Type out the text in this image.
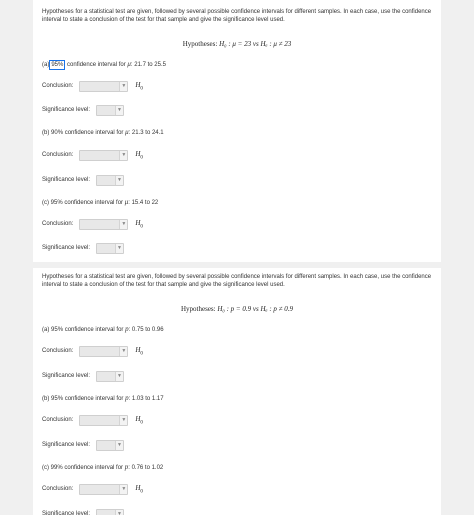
Hypotheses for a statistical test are given, followed by several possible confidence intervals for different samples. In each case, use the confidence interval to state a conclusion of the test for that sample and give the significance level used.
Hypotheses: H₀ : μ = 23 vs Hₐ : μ ≠ 23
(a) 95% confidence interval for μ: 21.7 to 25.5
Conclusion:	▼ $H_0$
Significance level:	▼
(b) 90% confidence interval for μ: 21.3 to 24.1
Conclusion:	▼ $H_0$
Significance level:	▼
(c) 95% confidence interval for μ: 15.4 to 22
Conclusion:	▼ $H_0$
Significance level:	▼
Hypotheses for a statistical test are given, followed by several possible confidence intervals for different samples. In each case, use the confidence interval to state a conclusion of the test for that sample and give the significance level used.
Hypotheses: H₀ : p = 0.9 vs Hₐ : p ≠ 0.9
(a) 95% confidence interval for p: 0.75 to 0.96
Conclusion:	▼ $H_0$
Significance level:	▼
(b) 95% confidence interval for p: 1.03 to 1.17
Conclusion:	▼ $H_0$
Significance level:	▼
(c) 99% confidence interval for p: 0.76 to 1.02
Conclusion:	▼ $H_0$
Significance level:	▼
